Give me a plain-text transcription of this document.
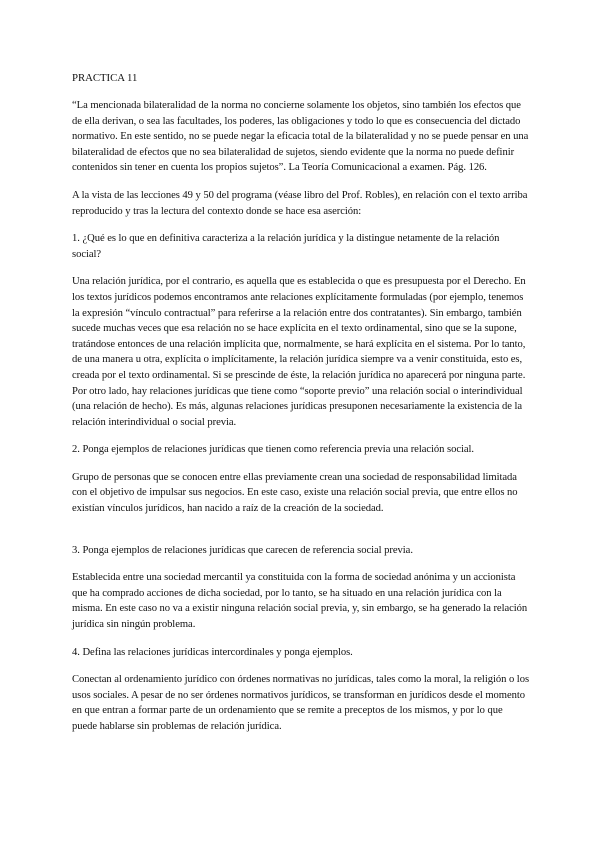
PRACTICA 11

“La mencionada bilateralidad de la norma no concierne solamente los objetos, sino también los efectos que de ella derivan, o sea las facultades, los poderes, las obligaciones y todo lo que es consecuencia del dictado normativo. En este sentido, no se puede negar la eficacia total de la bilateralidad y no se puede pensar en una bilateralidad de efectos que no sea bilateralidad de sujetos, siendo evidente que la norma no puede definir contenidos sin tener en cuenta los propios sujetos”. La Teoría Comunicacional a examen. Pág. 126.

A la vista de las lecciones 49 y 50 del programa (véase libro del Prof. Robles), en relación con el texto arriba reproducido y tras la lectura del contexto donde se hace esa aserción:

1. ¿Qué es lo que en definitiva caracteriza a la relación jurídica y la distingue netamente de la relación social?

Una relación jurídica, por el contrario, es aquella que es establecida o que es presupuesta por el Derecho. En los textos jurídicos podemos encontramos ante relaciones explícitamente formuladas (por ejemplo, tenemos la expresión “vínculo contractual” para referirse a la relación entre dos contratantes). Sin embargo, también sucede muchas veces que esa relación no se hace explícita en el texto ordinamental, sino que se la supone, tratándose entonces de una relación implícita que, normalmente, se hará explícita en el sistema. Por lo tanto, de una manera u otra, explícita o implícitamente, la relación jurídica siempre va a venir constituida, esto es, creada por el texto ordinamental. Si se prescinde de éste, la relación jurídica no aparecerá por ninguna parte. Por otro lado, hay relaciones jurídicas que tiene como “soporte previo” una relación social o interindividual (una relación de hecho). Es más, algunas relaciones jurídicas presuponen necesariamente la existencia de la relación interindividual o social previa.

2. Ponga ejemplos de relaciones jurídicas que tienen como referencia previa una relación social.

Grupo de personas que se conocen entre ellas previamente crean una sociedad de responsabilidad limitada con el objetivo de impulsar sus negocios. En este caso, existe una relación social previa, que entre ellos no existían vínculos jurídicos, han nacido a raíz de la creación de la sociedad.

3. Ponga ejemplos de relaciones jurídicas que carecen de referencia social previa.

Establecida entre una sociedad mercantil ya constituida con la forma de sociedad anónima y un accionista que ha comprado acciones de dicha sociedad, por lo tanto, se ha situado en una relación jurídica con la misma. En este caso no va a existir ninguna relación social previa, y, sin embargo, se ha generado la relación jurídica sin ningún problema.

4. Defina las relaciones jurídicas intercordinales y ponga ejemplos.

Conectan al ordenamiento jurídico con órdenes normativas no jurídicas, tales como la moral, la religión o los usos sociales. A pesar de no ser órdenes normativos jurídicos, se transforman en jurídicos desde el momento en que entran a formar parte de un ordenamiento que se remite a preceptos de los mismos, y por lo que puede hablarse sin problemas de relación jurídica.
